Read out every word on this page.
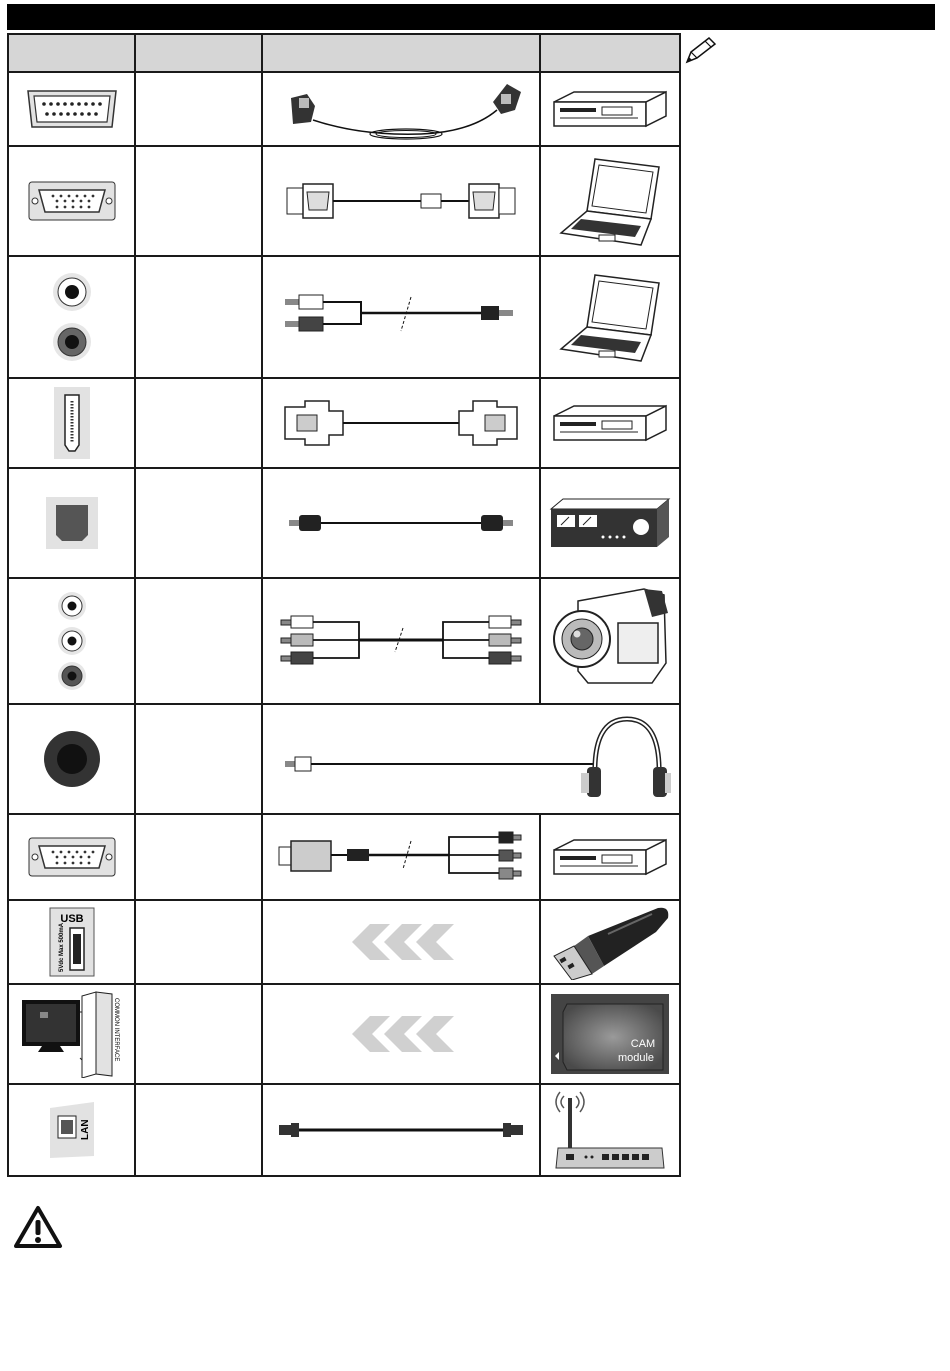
USB
5Vdc Max 500mA

COMMON INTERFACE			CAM
module

LAN
